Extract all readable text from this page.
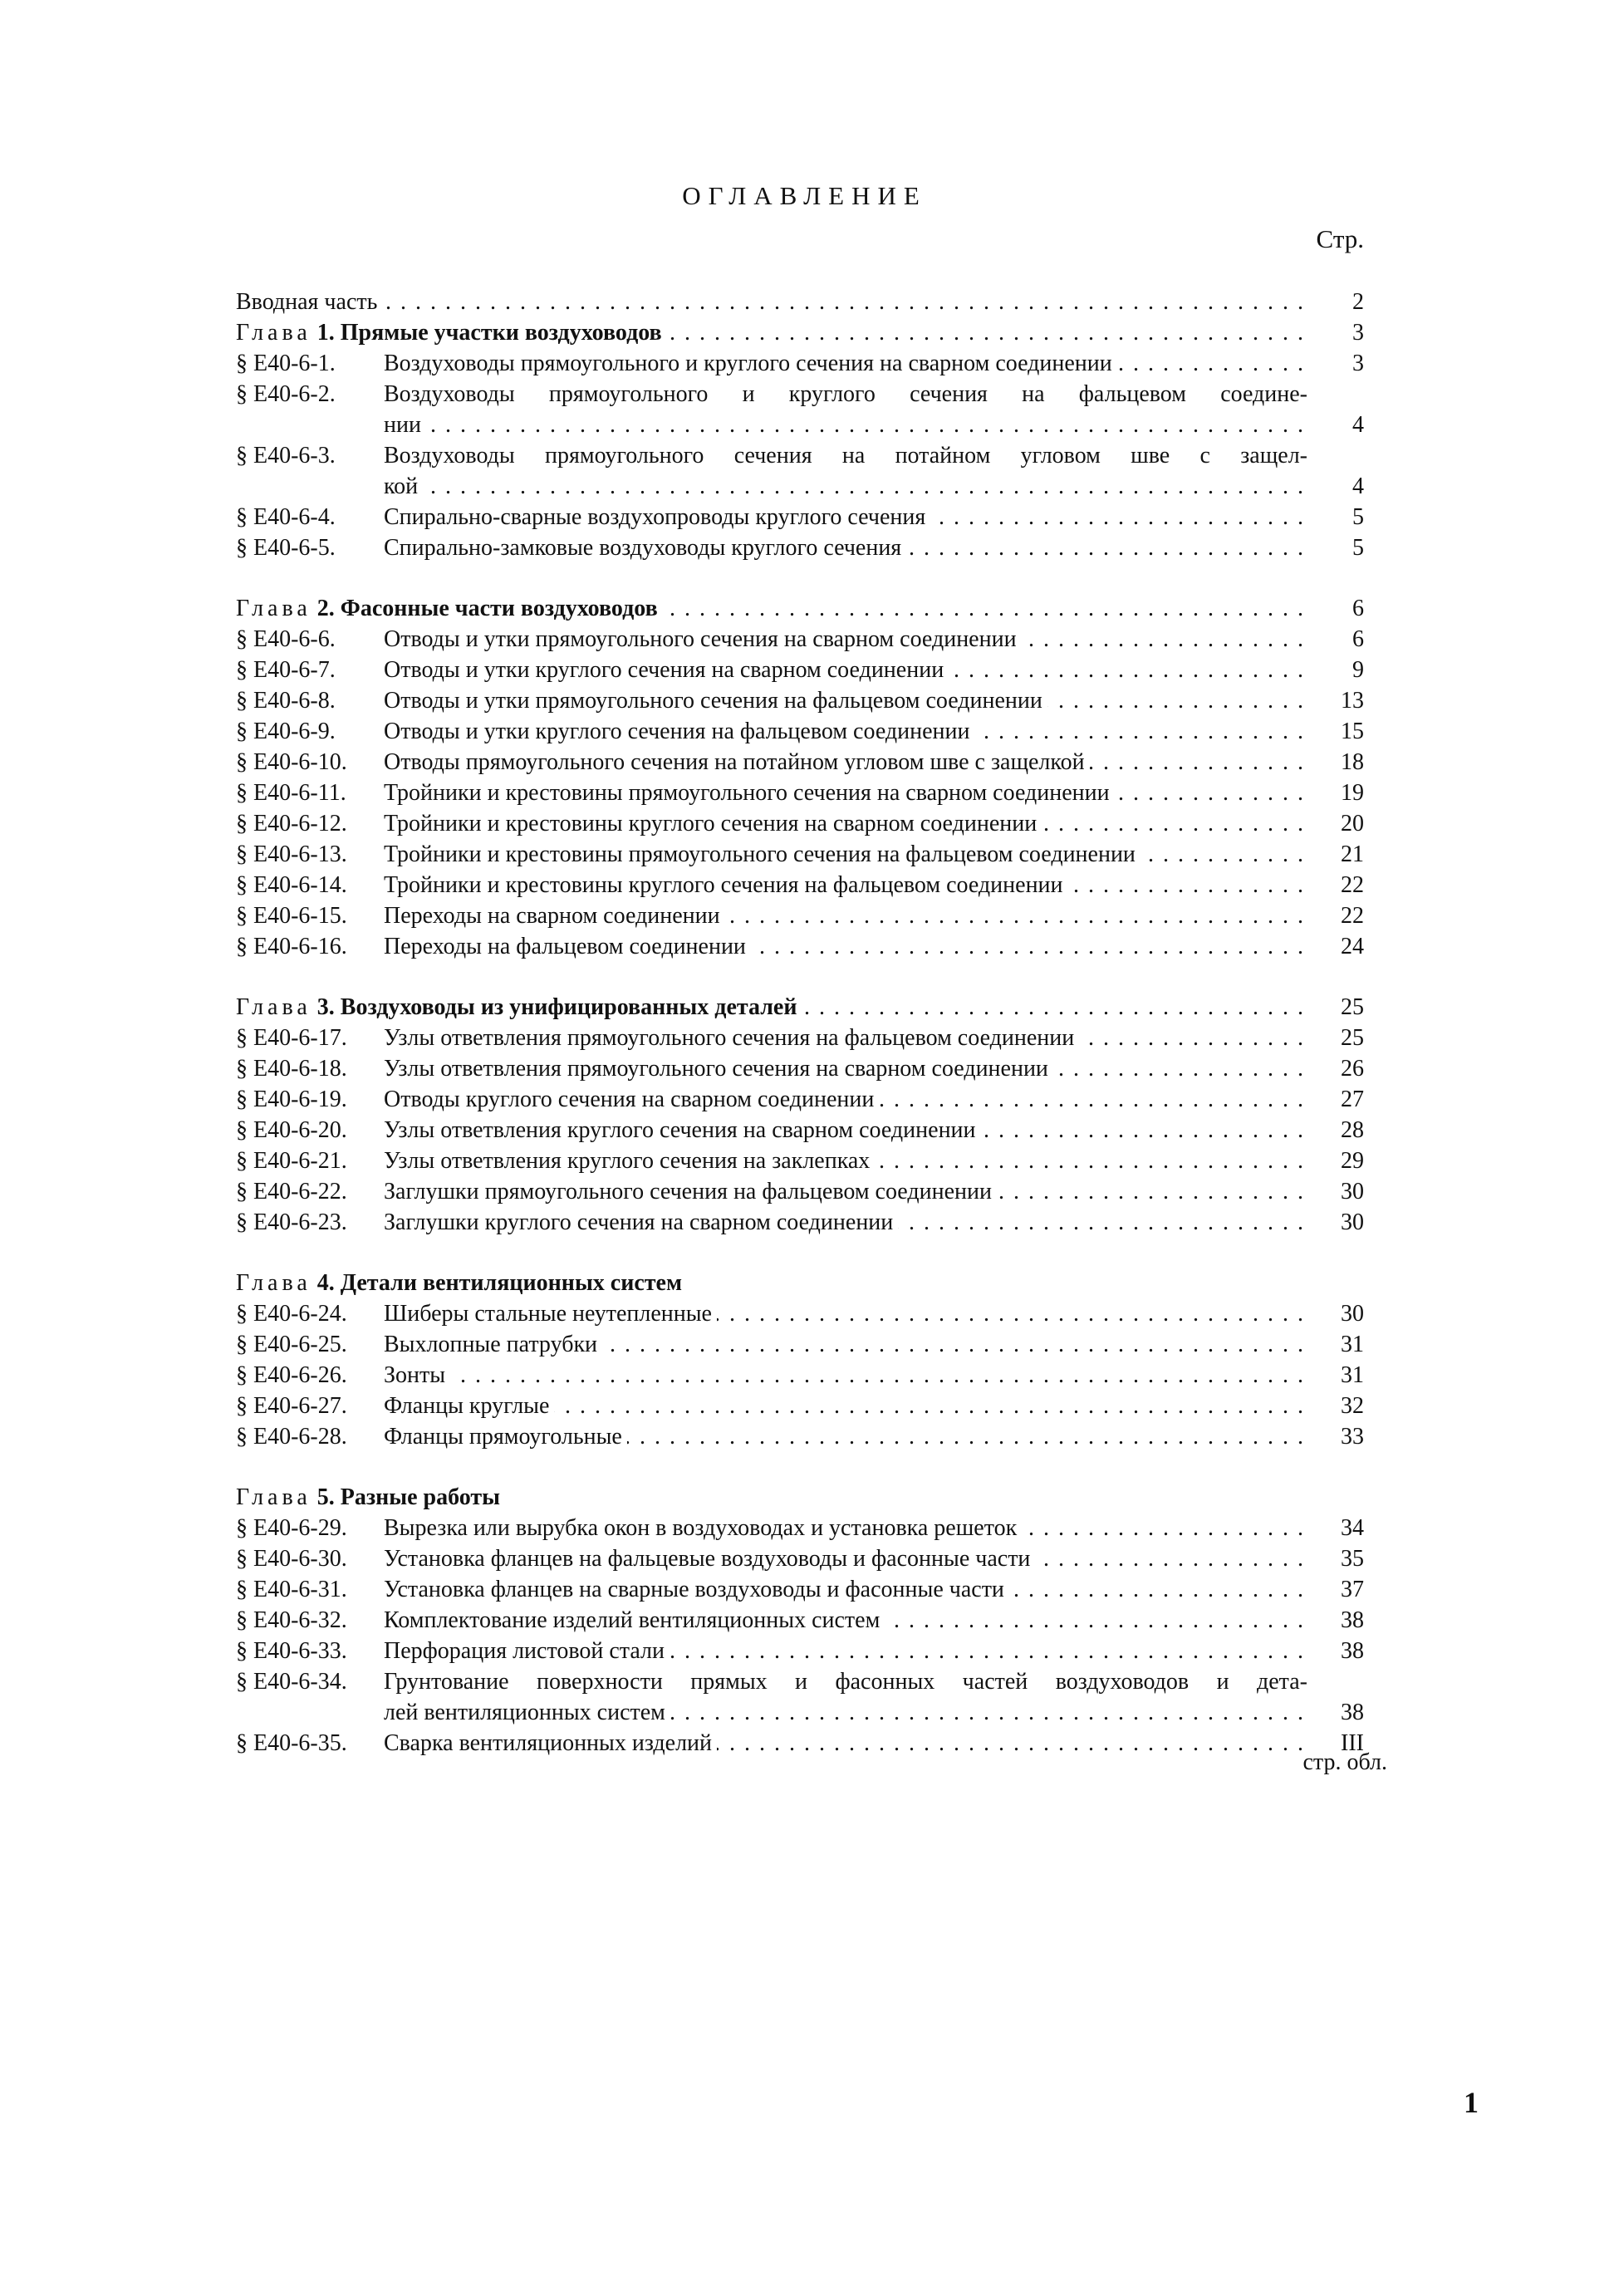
ОГЛАВЛЕНИЕ
Стр.
. . .
Вводная часть	2
. . .
Глава 1. Прямые участки воздуховодов	3
. . .
§ Е40-6-1. Воздуховоды прямоугольного и круглого сечения на сварном соединении	3
§ Е40-6-2. Воздуховоды прямоугольного и круглого сечения на фальцевом соедине-
. . .
нии	4
§ Е40-6-3. Воздуховоды прямоугольного сечения на потайном угловом шве с защел-
. . .
кой	4
. . .
§ Е40-6-4. Спирально-сварные воздухопроводы круглого сечения	5
. . .
§ Е40-6-5. Спирально-замковые воздуховоды круглого сечения	5
. . .
Глава 2. Фасонные части воздуховодов	6
. . .
§ Е40-6-6. Отводы и утки прямоугольного сечения на сварном соединении	6
. . .
§ Е40-6-7. Отводы и утки круглого сечения на сварном соединении	9
. . .
§ Е40-6-8. Отводы и утки прямоугольного сечения на фальцевом соединении	13
. . .
§ Е40-6-9. Отводы и утки круглого сечения на фальцевом соединении	15
. . .
§ Е40-6-10. Отводы прямоугольного сечения на потайном угловом шве с защелкой	18
. . .
§ Е40-6-11. Тройники и крестовины прямоугольного сечения на сварном соединении	19
. . .
§ Е40-6-12. Тройники и крестовины круглого сечения на сварном соединении	20
. . .
§ Е40-6-13. Тройники и крестовины прямоугольного сечения на фальцевом соединении	21
. . .
§ Е40-6-14. Тройники и крестовины круглого сечения на фальцевом соединении	22
. . .
§ Е40-6-15. Переходы на сварном соединении	22
. . .
§ Е40-6-16. Переходы на фальцевом соединении	24
. . .
Глава 3. Воздуховоды из унифицированных деталей	25
. . .
§ Е40-6-17. Узлы ответвления прямоугольного сечения на фальцевом соединении	25
. . .
§ Е40-6-18. Узлы ответвления прямоугольного сечения на сварном соединении	26
. . .
§ Е40-6-19. Отводы круглого сечения на сварном соединении	27
. . .
§ Е40-6-20. Узлы ответвления круглого сечения на сварном соединении	28
. . .
§ Е40-6-21. Узлы ответвления круглого сечения на заклепках	29
. . .
§ Е40-6-22. Заглушки прямоугольного сечения на фальцевом соединении	30
. . .
§ Е40-6-23. Заглушки круглого сечения на сварном соединении	30
Глава 4. Детали вентиляционных систем
. . .
§ Е40-6-24. Шиберы стальные неутепленные	30
. . .
§ Е40-6-25. Выхлопные патрубки	31
. . .
§ Е40-6-26. Зонты	31
. . .
§ Е40-6-27. Фланцы круглые	32
. . .
§ Е40-6-28. Фланцы прямоугольные	33
Глава 5. Разные работы
. . .
§ Е40-6-29. Вырезка или вырубка окон в воздуховодах и установка решеток	34
. . .
§ Е40-6-30. Установка фланцев на фальцевые воздуховоды и фасонные части	35
. . .
§ Е40-6-31. Установка фланцев на сварные воздуховоды и фасонные части	37
. . .
§ Е40-6-32. Комплектование изделий вентиляционных систем	38
. . .
§ Е40-6-33. Перфорация листовой стали	38
§ Е40-6-34. Грунтование поверхности прямых и фасонных частей воздуховодов и дета-
. . .
лей вентиляционных систем	38
. . .
§ Е40-6-35. Сварка вентиляционных изделий	III
стр. обл.
1
